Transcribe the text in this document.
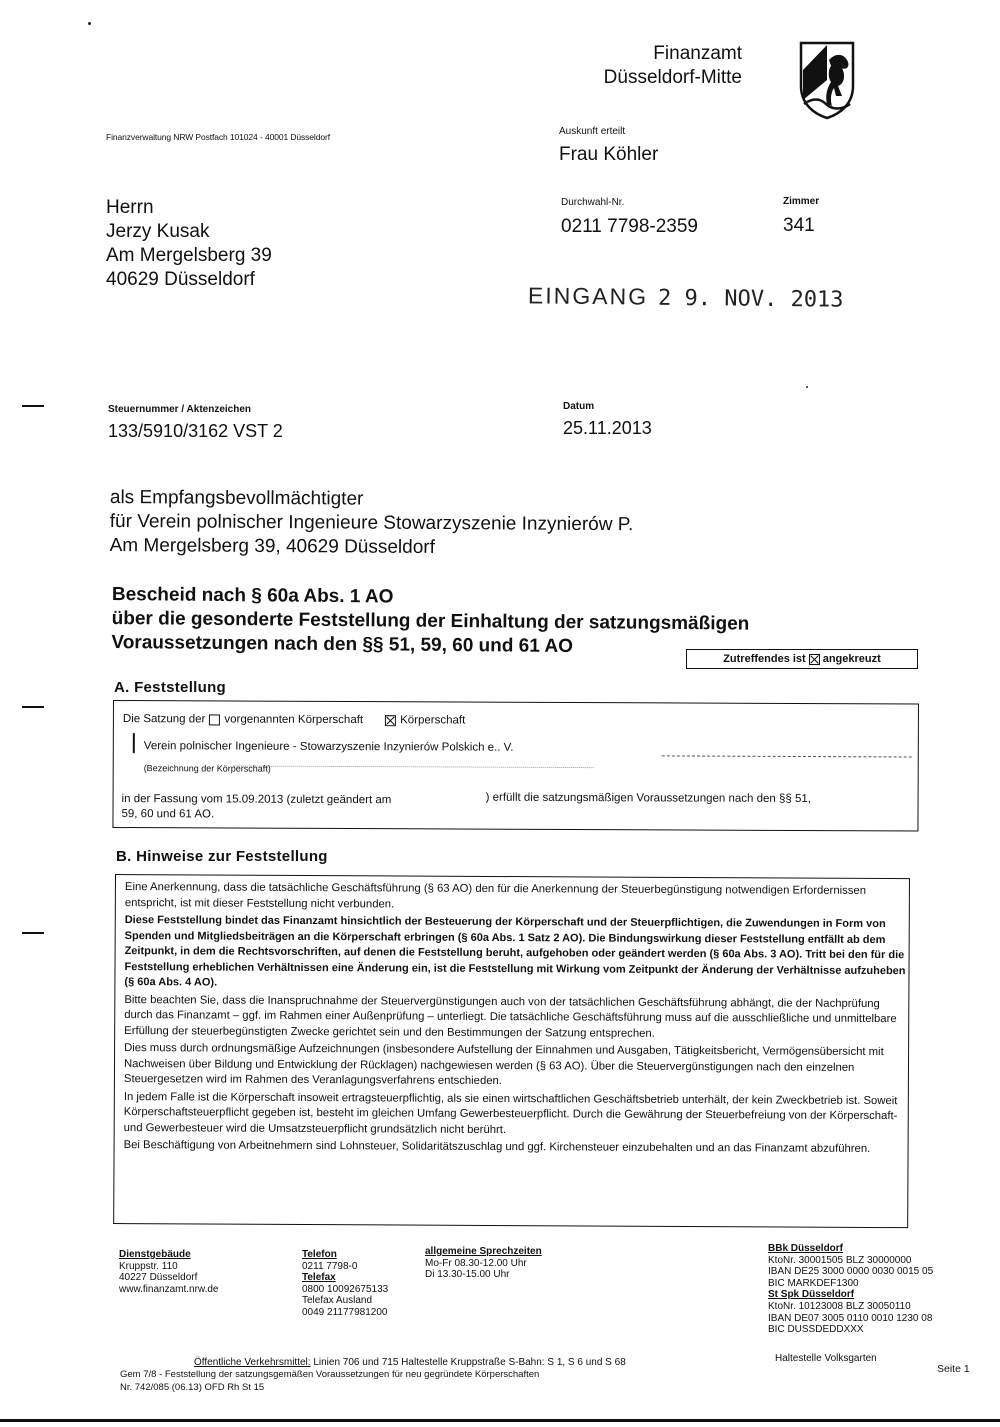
Finanzamt
Düsseldorf-Mitte
Finanzverwaltung NRW Postfach 101024 - 40001 Düsseldorf	Auskunft erteilt
Frau Köhler
Durchwahl-Nr.
0211 7798-2359
Zimmer
341
Herrn
Jerzy Kusak
Am Mergelsberg 39
40629 Düsseldorf
EINGANG 2 9. NOV. 2013
Steuernummer / Aktenzeichen
133/5910/3162 VST 2
Datum
25.11.2013
als Empfangsbevollmächtigter
für Verein polnischer Ingenieure Stowarzyszenie Inzynierów P.
Am Mergelsberg 39, 40629 Düsseldorf
Bescheid nach § 60a Abs. 1 AO
über die gesonderte Feststellung der Einhaltung der satzungsmäßigen
Voraussetzungen nach den §§ 51, 59, 60 und 61 AO
Zutreffendes ist angekreuzt
A. Feststellung
Die Satzung der vorgenannten Körperschaft	Körperschaft
Verein polnischer Ingenieure - Stowarzyszenie Inzynierów Polskich e.. V.
(Bezeichnung der Körperschaft)
in der Fassung vom 15.09.2013 (zuletzt geändert am
59, 60 und 61 AO.
) erfüllt die satzungsmäßigen Voraussetzungen nach den §§ 51,
B. Hinweise zur Feststellung

Eine Anerkennung, dass die tatsächliche Geschäftsführung (§ 63 AO) den für die Anerkennung der Steuerbegünstigung notwendigen Erfordernissen entspricht, ist mit dieser Feststellung nicht verbunden.

Diese Feststellung bindet das Finanzamt hinsichtlich der Besteuerung der Körperschaft und der Steuerpflichtigen, die Zuwendungen in Form von Spenden und Mitgliedsbeiträgen an die Körperschaft erbringen (§ 60a Abs. 1 Satz 2 AO). Die Bindungswirkung dieser Feststellung entfällt ab dem Zeitpunkt, in dem die Rechtsvorschriften, auf denen die Feststellung beruht, aufgehoben oder geändert werden (§ 60a Abs. 3 AO). Tritt bei den für die Feststellung erheblichen Verhältnissen eine Änderung ein, ist die Feststellung mit Wirkung vom Zeitpunkt der Änderung der Verhältnisse aufzuheben (§ 60a Abs. 4 AO).

Bitte beachten Sie, dass die Inanspruchnahme der Steuervergünstigungen auch von der tatsächlichen Geschäftsführung abhängt, die der Nachprüfung durch das Finanzamt – ggf. im Rahmen einer Außenprüfung – unterliegt. Die tatsächliche Geschäftsführung muss auf die ausschließliche und unmittelbare Erfüllung der steuerbegünstigten Zwecke gerichtet sein und den Bestimmungen der Satzung entsprechen.

Dies muss durch ordnungsmäßige Aufzeichnungen (insbesondere Aufstellung der Einnahmen und Ausgaben, Tätigkeitsbericht, Vermögensübersicht mit Nachweisen über Bildung und Entwicklung der Rücklagen) nachgewiesen werden (§ 63 AO). Über die Steuervergünstigungen nach den einzelnen Steuergesetzen wird im Rahmen des Veranlagungsverfahrens entschieden.

In jedem Falle ist die Körperschaft insoweit ertragsteuerpflichtig, als sie einen wirtschaftlichen Geschäftsbetrieb unterhält, der kein Zweckbetrieb ist. Soweit Körperschaftsteuerpflicht gegeben ist, besteht im gleichen Umfang Gewerbesteuerpflicht. Durch die Gewährung der Steuerbefreiung von der Körperschaft- und Gewerbesteuer wird die Umsatzsteuerpflicht grundsätzlich nicht berührt.

Bei Beschäftigung von Arbeitnehmern sind Lohnsteuer, Solidaritätszuschlag und ggf. Kirchensteuer einzubehalten und an das Finanzamt abzuführen.

Dienstgebäude
Kruppstr. 110
40227 Düsseldorf
www.finanzamt.nrw.de
Telefon
0211 7798-0
Telefax
0800 10092675133
Telefax Ausland
0049 21177981200
allgemeine Sprechzeiten
Mo-Fr 08.30-12.00 Uhr
Di 13.30-15.00 Uhr
BBk Düsseldorf
KtoNr. 30001505 BLZ 30000000
IBAN DE25 3000 0000 0030 0015 05
BIC MARKDEF1300
St Spk Düsseldorf
KtoNr. 10123008 BLZ 30050110
IBAN DE07 3005 0110 0010 1230 08
BIC DUSSDEDDXXX
Öffentliche Verkehrsmittel: Linien 706 und 715 Haltestelle Kruppstraße S-Bahn: S 1, S 6 und S 68	Haltestelle Volksgarten
Gem 7/8 - Feststellung der satzungsgemäßen Voraussetzungen für neu gegründete Körperschaften
Nr. 742/085 (06.13) OFD Rh St 15
Seite 1
